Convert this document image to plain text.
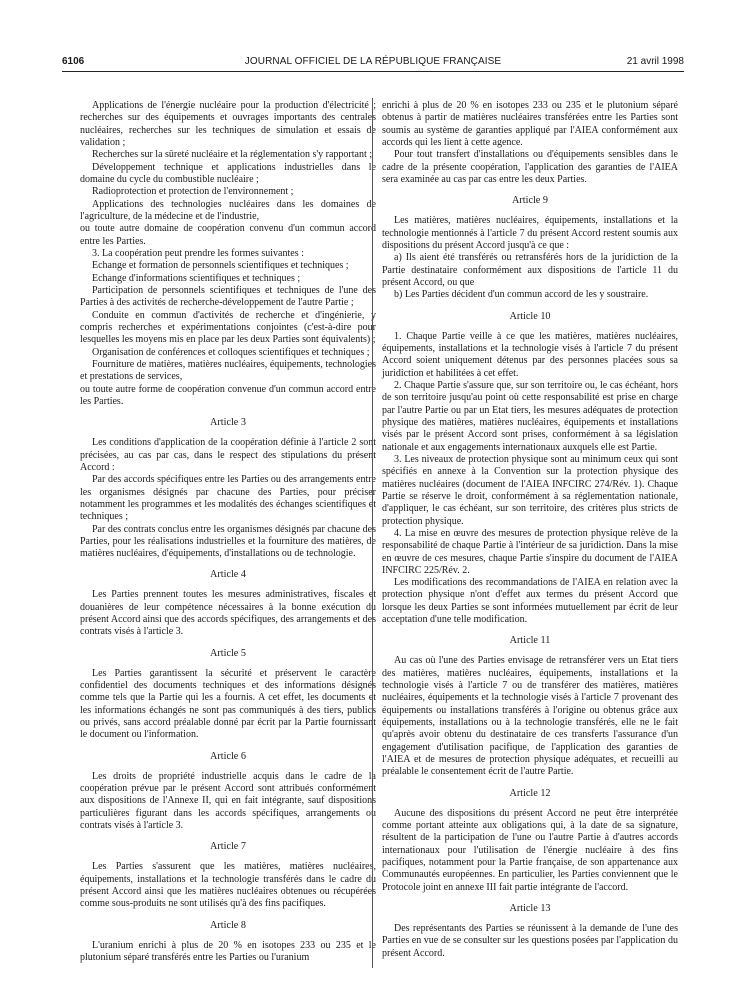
6106	JOURNAL OFFICIEL DE LA RÉPUBLIQUE FRANÇAISE	21 avril 1998

Applications de l'énergie nucléaire pour la production d'électricité ; recherches sur des équipements et ouvrages importants des centrales nucléaires, recherches sur les techniques de simulation et essais de validation ;

Recherches sur la sûreté nucléaire et la réglementation s'y rapportant ;

Développement technique et applications industrielles dans le domaine du cycle du combustible nucléaire ;

Radioprotection et protection de l'environnement ;

Applications des technologies nucléaires dans les domaines de l'agriculture, de la médecine et de l'industrie,

ou toute autre domaine de coopération convenu d'un commun accord entre les Parties.

3. La coopération peut prendre les formes suivantes :

Echange et formation de personnels scientifiques et techniques ;

Echange d'informations scientifiques et techniques ;

Participation de personnels scientifiques et techniques de l'une des Parties à des activités de recherche-développement de l'autre Partie ;

Conduite en commun d'activités de recherche et d'ingénierie, y compris recherches et expérimentations conjointes (c'est-à-dire pour lesquelles les moyens mis en place par les deux Parties sont équivalents) ;

Organisation de conférences et colloques scientifiques et techniques ;

Fourniture de matières, matières nucléaires, équipements, technologies et prestations de services,

ou toute autre forme de coopération convenue d'un commun accord entre les Parties.

Article 3

Les conditions d'application de la coopération définie à l'article 2 sont précisées, au cas par cas, dans le respect des stipulations du présent Accord :

Par des accords spécifiques entre les Parties ou des arrangements entre les organismes désignés par chacune des Parties, pour préciser notamment les programmes et les modalités des échanges scientifiques et techniques ;

Par des contrats conclus entre les organismes désignés par chacune des Parties, pour les réalisations industrielles et la fourniture des matières, de matières nucléaires, d'équipements, d'installations ou de technologie.

Article 4

Les Parties prennent toutes les mesures administratives, fiscales et douanières de leur compétence nécessaires à la bonne exécution du présent Accord ainsi que des accords spécifiques, des arrangements et des contrats visés à l'article 3.

Article 5

Les Parties garantissent la sécurité et préservent le caractère confidentiel des documents techniques et des informations désignés comme tels que la Partie qui les a fournis. A cet effet, les documents et les informations échangés ne sont pas communiqués à des tiers, publics ou privés, sans accord préalable donné par écrit par la Partie fournissant le document ou l'information.

Article 6

Les droits de propriété industrielle acquis dans le cadre de la coopération prévue par le présent Accord sont attribués conformément aux dispositions de l'Annexe II, qui en fait intégrante, sauf dispositions particulières figurant dans les accords spécifiques, arrangements ou contrats visés à l'article 3.

Article 7

Les Parties s'assurent que les matières, matières nucléaires, équipements, installations et la technologie transférés dans le cadre du présent Accord ainsi que les matières nucléaires obtenues ou récupérées comme sous-produits ne sont utilisés qu'à des fins pacifiques.

Article 8

L'uranium enrichi à plus de 20 % en isotopes 233 ou 235 et le plutonium séparé transférés entre les Parties ou l'uranium

enrichi à plus de 20 % en isotopes 233 ou 235 et le plutonium séparé obtenus à partir de matières nucléaires transférées entre les Parties sont soumis au système de garanties appliqué par l'AIEA conformément aux accords qui les lient à cette agence.

Pour tout transfert d'installations ou d'équipements sensibles dans le cadre de la présente coopération, l'application des garanties de l'AIEA sera examinée au cas par cas entre les deux Parties.

Article 9

Les matières, matières nucléaires, équipements, installations et la technologie mentionnés à l'article 7 du présent Accord restent soumis aux dispositions du présent Accord jusqu'à ce que :

a) Ils aient été transférés ou retransférés hors de la juridiction de la Partie destinataire conformément aux dispositions de l'article 11 du présent Accord, ou que

b) Les Parties décident d'un commun accord de les y soustraire.

Article 10

1. Chaque Partie veille à ce que les matières, matières nucléaires, équipements, installations et la technologie visés à l'article 7 du présent Accord soient uniquement détenus par des personnes placées sous sa juridiction et habilitées à cet effet.

2. Chaque Partie s'assure que, sur son territoire ou, le cas échéant, hors de son territoire jusqu'au point où cette responsabilité est prise en charge par l'autre Partie ou par un Etat tiers, les mesures adéquates de protection physique des matières, matières nucléaires, équipements et installations visés par le présent Accord sont prises, conformément à sa législation nationale et aux engagements internationaux auxquels elle est Partie.

3. Les niveaux de protection physique sont au minimum ceux qui sont spécifiés en annexe à la Convention sur la protection physique des matières nucléaires (document de l'AIEA INFCIRC 274/Rév. 1). Chaque Partie se réserve le droit, conformément à sa réglementation nationale, d'appliquer, le cas échéant, sur son territoire, des critères plus stricts de protection physique.

4. La mise en œuvre des mesures de protection physique relève de la responsabilité de chaque Partie à l'intérieur de sa juridiction. Dans la mise en œuvre de ces mesures, chaque Partie s'inspire du document de l'AIEA INFCIRC 225/Rév. 2.

Les modifications des recommandations de l'AIEA en relation avec la protection physique n'ont d'effet aux termes du présent Accord que lorsque les deux Parties se sont informées mutuellement par écrit de leur acceptation d'une telle modification.

Article 11

Au cas où l'une des Parties envisage de retransférer vers un Etat tiers des matières, matières nucléaires, équipements, installations et la technologie visés à l'article 7 ou de transférer des matières, matières nucléaires, équipements et la technologie visés à l'article 7 provenant des équipements ou installations transférés à l'origine ou obtenus grâce aux équipements, installations ou à la technologie transférés, elle ne le fait qu'après avoir obtenu du destinataire de ces transferts l'assurance d'un engagement d'utilisation pacifique, de l'application des garanties de l'AIEA et de mesures de protection physique adéquates, et recueilli au préalable le consentement écrit de l'autre Partie.

Article 12

Aucune des dispositions du présent Accord ne peut être interprétée comme portant atteinte aux obligations qui, à la date de sa signature, résultent de la participation de l'une ou l'autre Partie à d'autres accords internationaux pour l'utilisation de l'énergie nucléaire à des fins pacifiques, notamment pour la Partie française, de son appartenance aux Communautés européennes. En particulier, les Parties conviennent que le Protocole joint en annexe III fait partie intégrante de l'accord.

Article 13

Des représentants des Parties se réunissent à la demande de l'une des Parties en vue de se consulter sur les questions posées par l'application du présent Accord.
